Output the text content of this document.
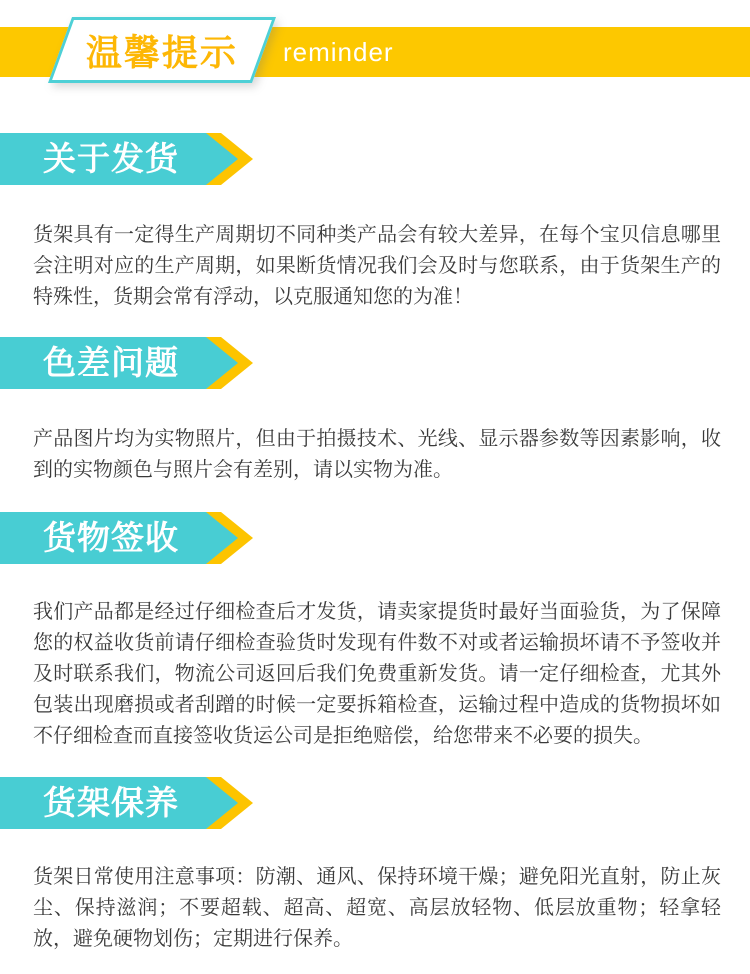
reminder
温馨提示
关于发货

货架具有一定得生产周期切不同种类产品会有较大差异，在每个宝贝信息哪里会注明对应的生产周期，如果断货情况我们会及时与您联系，由于货架生产的特殊性，货期会常有浮动，以克服通知您的为准！

色差问题

产品图片均为实物照片，但由于拍摄技术、光线、显示器参数等因素影响，收到的实物颜色与照片会有差别，请以实物为准。

货物签收

我们产品都是经过仔细检查后才发货，请卖家提货时最好当面验货，为了保障您的权益收货前请仔细检查验货时发现有件数不对或者运输损坏请不予签收并及时联系我们，物流公司返回后我们免费重新发货。请一定仔细检查，尤其外包装出现磨损或者刮蹭的时候一定要拆箱检查，运输过程中造成的货物损坏如不仔细检查而直接签收货运公司是拒绝赔偿，给您带来不必要的损失。

货架保养

货架日常使用注意事项：防潮、通风、保持环境干燥；避免阳光直射，防止灰尘、保持滋润；不要超载、超高、超宽、高层放轻物、低层放重物；轻拿轻放，避免硬物划伤；定期进行保养。
